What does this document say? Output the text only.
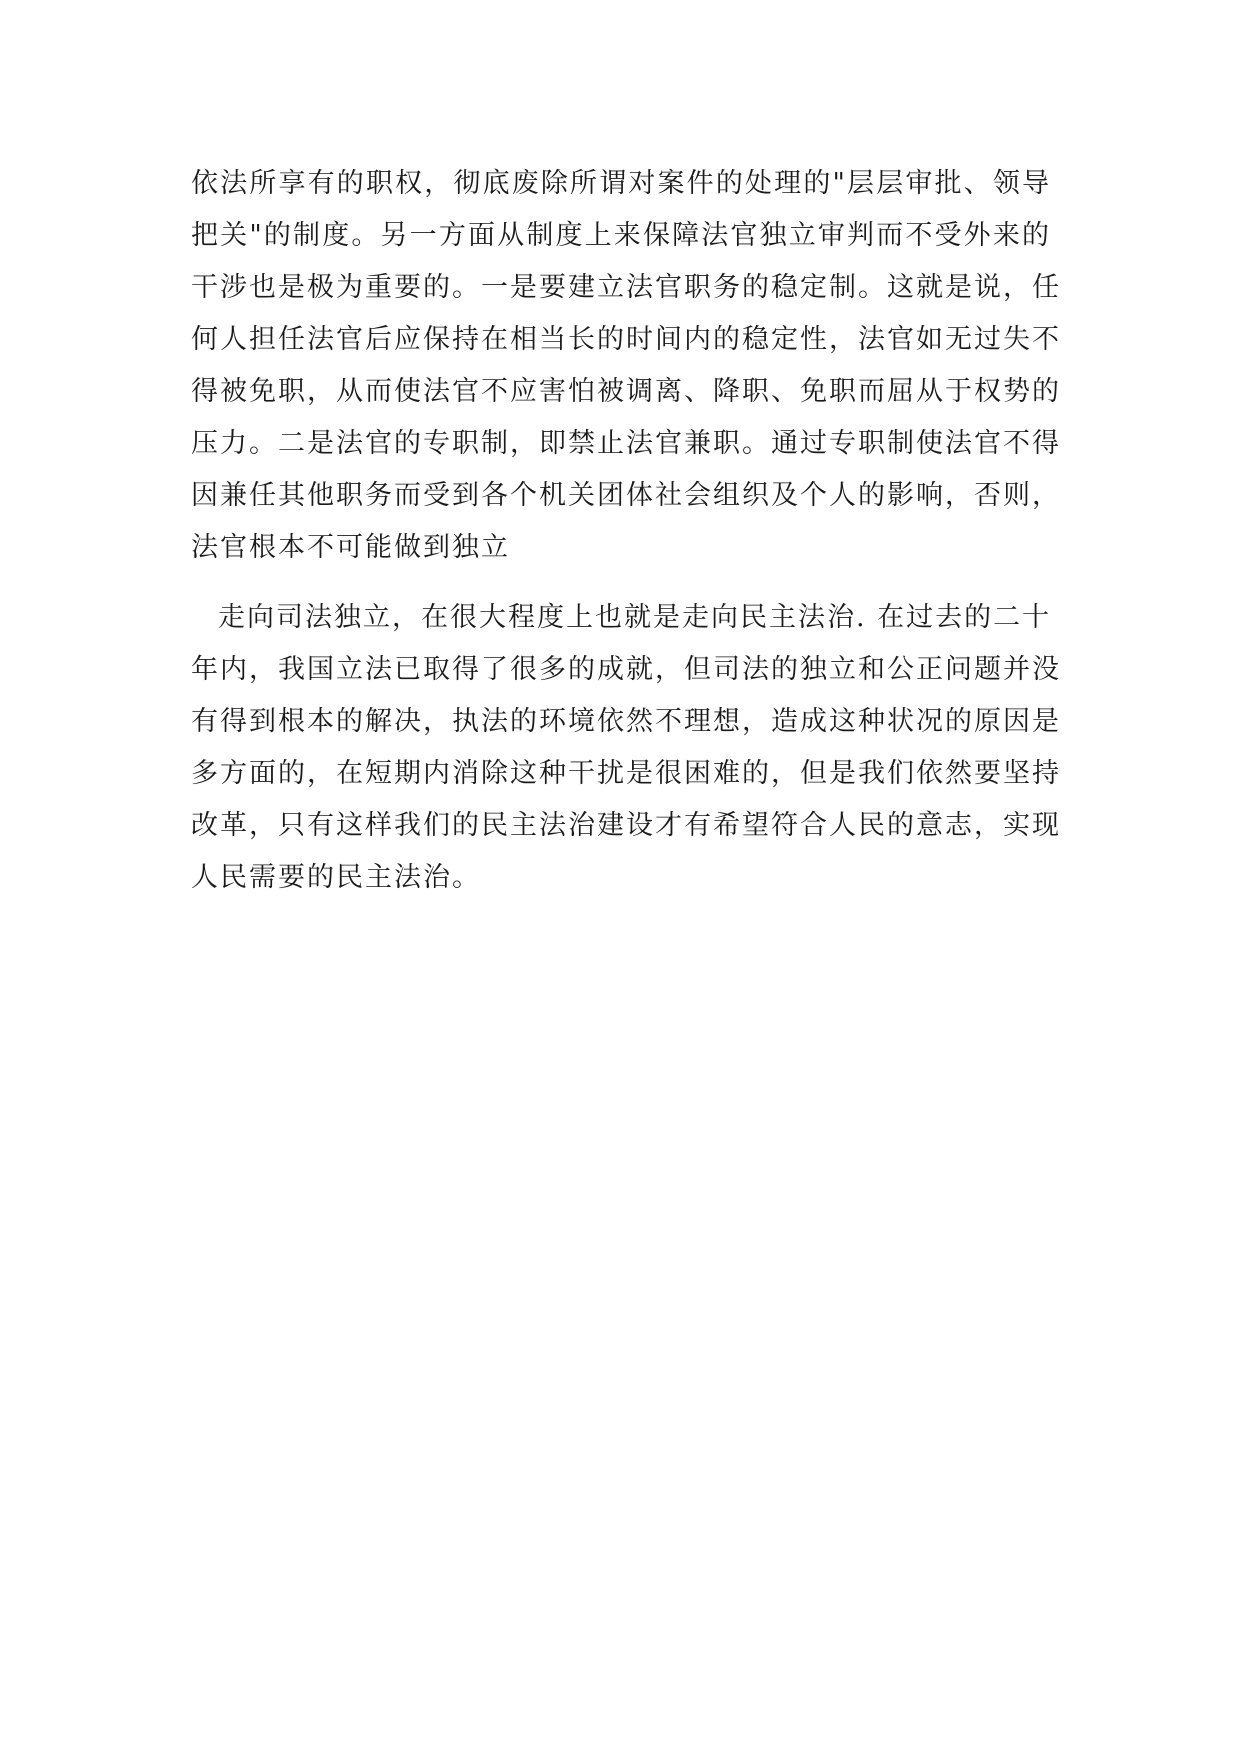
依法所享有的职权，彻底废除所谓对案件的处理的"层层审批、领导
把关"的制度。另一方面从制度上来保障法官独立审判而不受外来的
干涉也是极为重要的。一是要建立法官职务的稳定制。这就是说，任
何人担任法官后应保持在相当长的时间内的稳定性，法官如无过失不
得被免职，从而使法官不应害怕被调离、降职、免职而屈从于权势的
压力。二是法官的专职制，即禁止法官兼职。通过专职制使法官不得
因兼任其他职务而受到各个机关团体社会组织及个人的影响，否则，
法官根本不可能做到独立
走向司法独立，在很大程度上也就是走向民主法治. 在过去的二十
年内，我国立法已取得了很多的成就，但司法的独立和公正问题并没
有得到根本的解决，执法的环境依然不理想，造成这种状况的原因是
多方面的，在短期内消除这种干扰是很困难的，但是我们依然要坚持
改革，只有这样我们的民主法治建设才有希望符合人民的意志，实现
人民需要的民主法治。
